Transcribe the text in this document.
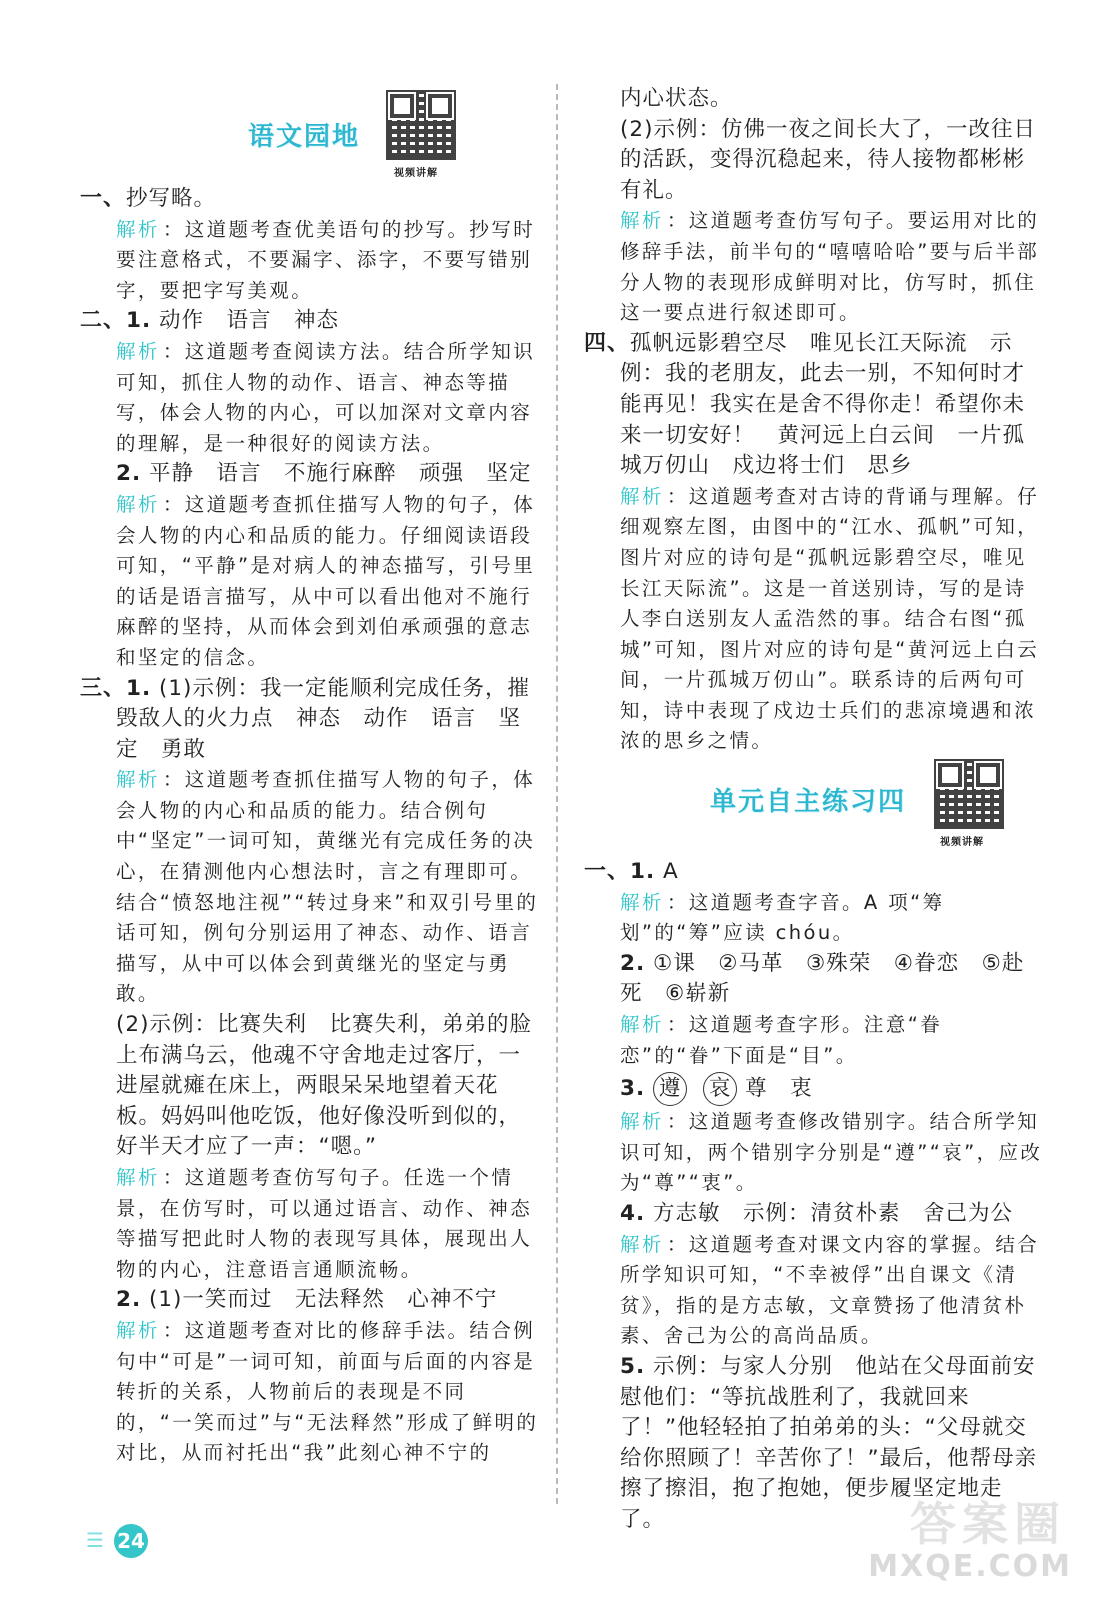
语文园地
视频讲解

一、抄写略。

解析 ：这道题考查优美语句的抄写。抄写时要注意格式，不要漏字、添字，不要写错别字，要把字写美观。

二、1. 动作　语言　神态

解析 ：这道题考查阅读方法。结合所学知识可知，抓住人物的动作、语言、神态等描写，体会人物的内心，可以加深对文章内容的理解，是一种很好的阅读方法。

2. 平静　语言　不施行麻醉　顽强　坚定

解析 ：这道题考查抓住描写人物的句子，体会人物的内心和品质的能力。仔细阅读语段可知，“平静”是对病人的神态描写，引号里的话是语言描写，从中可以看出他对不施行麻醉的坚持，从而体会到刘伯承顽强的意志和坚定的信念。

三、1. (1)示例：我一定能顺利完成任务，摧毁敌人的火力点　神态　动作　语言　坚定　勇敢

解析 ：这道题考查抓住描写人物的句子，体会人物的内心和品质的能力。结合例句中“坚定”一词可知，黄继光有完成任务的决心，在猜测他内心想法时，言之有理即可。结合“愤怒地注视”“转过身来”和双引号里的话可知，例句分别运用了神态、动作、语言描写，从中可以体会到黄继光的坚定与勇敢。

(2)示例：比赛失利　比赛失利，弟弟的脸上布满乌云，他魂不守舍地走过客厅，一进屋就瘫在床上，两眼呆呆地望着天花板。妈妈叫他吃饭，他好像没听到似的，好半天才应了一声：“嗯。”

解析 ：这道题考查仿写句子。任选一个情景，在仿写时，可以通过语言、动作、神态等描写把此时人物的表现写具体，展现出人物的内心，注意语言通顺流畅。

2. (1)一笑而过　无法释然　心神不宁

解析 ：这道题考查对比的修辞手法。结合例句中“可是”一词可知，前面与后面的内容是转折的关系，人物前后的表现是不同的，“一笑而过”与“无法释然”形成了鲜明的对比，从而衬托出“我”此刻心神不宁的

内心状态。

(2)示例：仿佛一夜之间长大了，一改往日的活跃，变得沉稳起来，待人接物都彬彬有礼。

解析 ：这道题考查仿写句子。要运用对比的修辞手法，前半句的“嘻嘻哈哈”要与后半部分人物的表现形成鲜明对比，仿写时，抓住这一要点进行叙述即可。

四、孤帆远影碧空尽　唯见长江天际流　示例：我的老朋友，此去一别，不知何时才能再见！我实在是舍不得你走！希望你未来一切安好！　黄河远上白云间　一片孤城万仞山　戍边将士们　思乡

解析 ：这道题考查对古诗的背诵与理解。仔细观察左图，由图中的“江水、孤帆”可知，图片对应的诗句是“孤帆远影碧空尽，唯见长江天际流”。这是一首送别诗，写的是诗人李白送别友人孟浩然的事。结合右图“孤城”可知，图片对应的诗句是“黄河远上白云间，一片孤城万仞山”。联系诗的后两句可知，诗中表现了戍边士兵们的悲凉境遇和浓浓的思乡之情。

单元自主练习四
视频讲解

一、1. A

解析 ：这道题考查字音。A 项“筹划”的“筹”应读 chóu。

2. ①课　②马革　③殊荣　④眷恋　⑤赴死　⑥崭新

解析 ：这道题考查字形。注意“眷恋”的“眷”下面是“目”。

3. 遵 哀 尊　衷

解析 ：这道题考查修改错别字。结合所学知识可知，两个错别字分别是“遵”“哀”，应改为“尊”“衷”。

4. 方志敏　示例：清贫朴素　舍己为公

解析 ：这道题考查对课文内容的掌握。结合所学知识可知，“不幸被俘”出自课文《清贫》，指的是方志敏，文章赞扬了他清贫朴素、舍己为公的高尚品质。

5. 示例：与家人分别　他站在父母面前安慰他们：“等抗战胜利了，我就回来了！”他轻轻拍了拍弟弟的头：“父母就交给你照顾了！辛苦你了！”最后，他帮母亲擦了擦泪，抱了抱她，便步履坚定地走了。

☰ 24	答案圈
MXQE.COM
